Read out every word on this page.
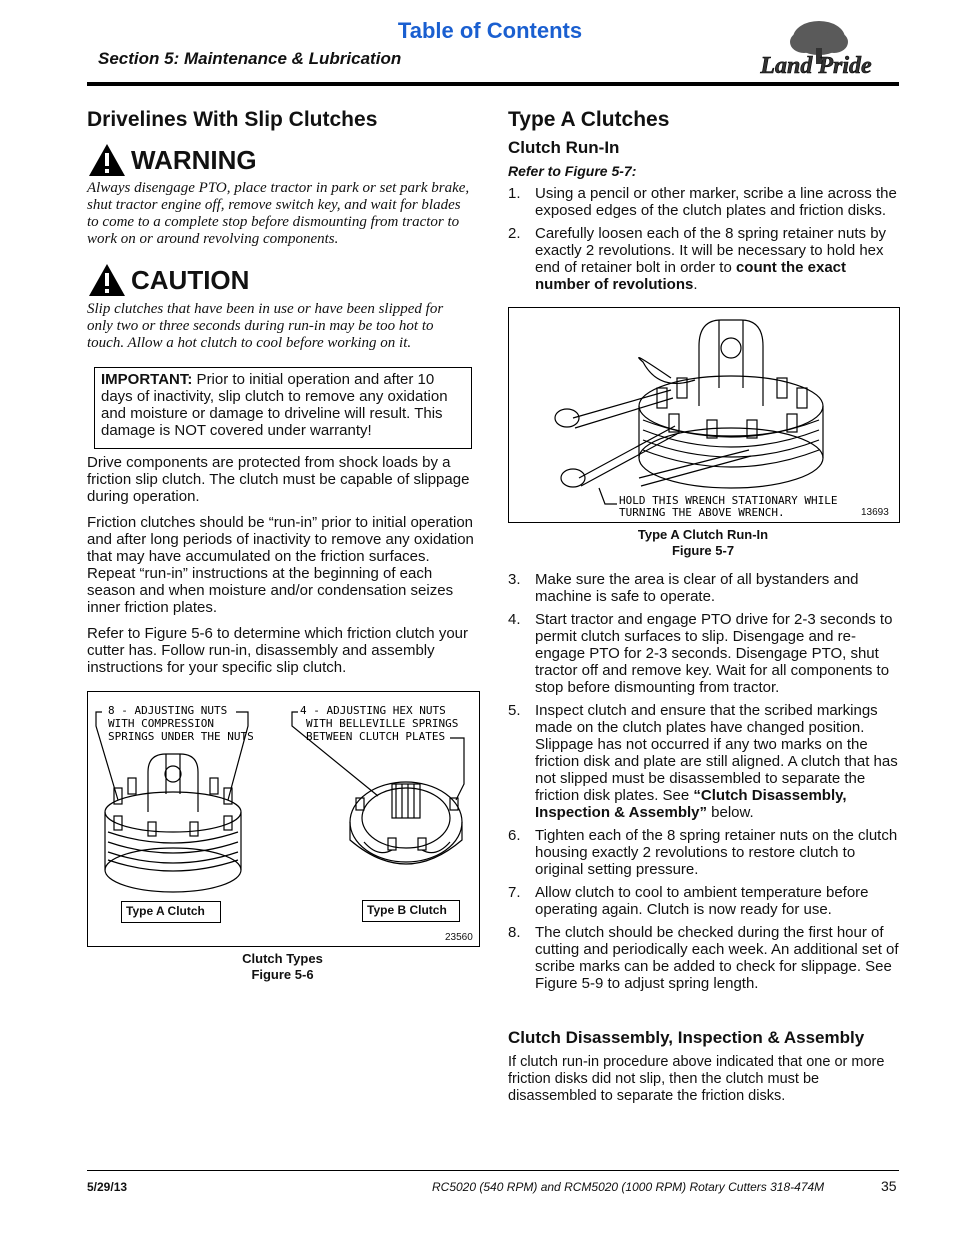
Table of Contents
Section 5: Maintenance & Lubrication	Land Pride
Drivelines With Slip Clutches
WARNING
Always disengage PTO, place tractor in park or set park brake, shut tractor engine off, remove switch key, and wait for blades to come to a complete stop before dismounting from tractor to work on or around revolving components.
CAUTION
Slip clutches that have been in use or have been slipped for only two or three seconds during run-in may be too hot to touch. Allow a hot clutch to cool before working on it.
IMPORTANT: Prior to initial operation and after 10 days of inactivity, slip clutch to remove any oxidation and moisture or damage to driveline will result. This damage is NOT covered under warranty!
Drive components are protected from shock loads by a friction slip clutch. The clutch must be capable of slippage during operation.
Friction clutches should be “run-in” prior to initial operation and after long periods of inactivity to remove any oxidation that may have accumulated on the friction surfaces. Repeat “run-in” instructions at the beginning of each season and when moisture and/or condensation seizes inner friction plates.
Refer to Figure 5-6 to determine which friction clutch your cutter has. Follow run-in, disassembly and assembly instructions for your specific slip clutch.
8 - ADJUSTING NUTS
WITH COMPRESSION
SPRINGS UNDER THE NUTS
4 - ADJUSTING HEX NUTS
WITH BELLEVILLE SPRINGS
BETWEEN CLUTCH PLATES
Type A Clutch	Type B Clutch
23560
Clutch Types
Figure 5-6
Type A Clutches
Clutch Run-In
Refer to Figure 5-7:
1. Using a pencil or other marker, scribe a line across the exposed edges of the clutch plates and friction disks.
2. Carefully loosen each of the 8 spring retainer nuts by exactly 2 revolutions. It will be necessary to hold hex end of retainer bolt in order to count the exact number of revolutions.
HOLD THIS WRENCH STATIONARY WHILE
TURNING THE ABOVE WRENCH.	13693
Type A Clutch Run-In
Figure 5-7
3. Make sure the area is clear of all bystanders and machine is safe to operate.
4. Start tractor and engage PTO drive for 2-3 seconds to permit clutch surfaces to slip. Disengage and re-engage PTO for 2-3 seconds. Disengage PTO, shut tractor off and remove key. Wait for all components to stop before dismounting from tractor.
5. Inspect clutch and ensure that the scribed markings made on the clutch plates have changed position. Slippage has not occurred if any two marks on the friction disk and plate are still aligned. A clutch that has not slipped must be disassembled to separate the friction disk plates. See “Clutch Disassembly, Inspection & Assembly” below.
6. Tighten each of the 8 spring retainer nuts on the clutch housing exactly 2 revolutions to restore clutch to original setting pressure.
7. Allow clutch to cool to ambient temperature before operating again. Clutch is now ready for use.
8. The clutch should be checked during the first hour of cutting and periodically each week. An additional set of scribe marks can be added to check for slippage. See Figure 5-9 to adjust spring length.
Clutch Disassembly, Inspection & Assembly
If clutch run-in procedure above indicated that one or more friction disks did not slip, then the clutch must be disassembled to separate the friction disks.
5/29/13	RC5020 (540 RPM) and RCM5020 (1000 RPM) Rotary Cutters 318-474M	35
